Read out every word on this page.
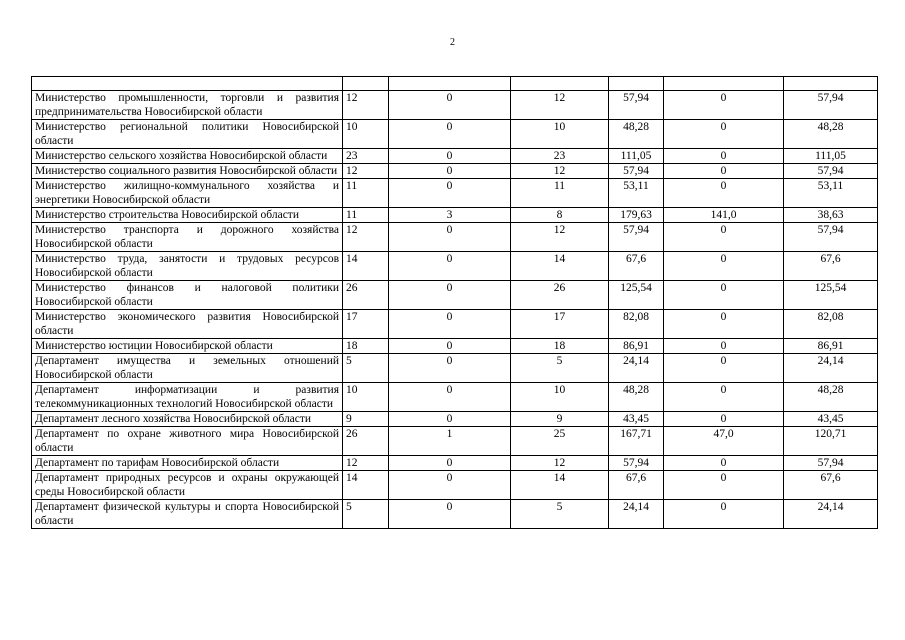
2

Министерство промышленности, торговли и развития предпринимательства Новосибирской области	12	0	12	57,94	0	57,94
Министерство региональной политики Новосибирской области	10	0	10	48,28	0	48,28
Министерство сельского хозяйства Новосибирской области	23	0	23	111,05	0	111,05
Министерство социального развития Новосибирской области	12	0	12	57,94	0	57,94
Министерство жилищно-коммунального хозяйства и энергетики Новосибирской области	11	0	11	53,11	0	53,11
Министерство строительства Новосибирской области	11	3	8	179,63	141,0	38,63
Министерство транспорта и дорожного хозяйства Новосибирской области	12	0	12	57,94	0	57,94
Министерство труда, занятости и трудовых ресурсов Новосибирской области	14	0	14	67,6	0	67,6
Министерство финансов и налоговой политики Новосибирской области	26	0	26	125,54	0	125,54
Министерство экономического развития Новосибирской области	17	0	17	82,08	0	82,08
Министерство юстиции Новосибирской области	18	0	18	86,91	0	86,91
Департамент имущества и земельных отношений Новосибирской области	5	0	5	24,14	0	24,14
Департамент информатизации и развития телекоммуникационных технологий Новосибирской области	10	0	10	48,28	0	48,28
Департамент лесного хозяйства Новосибирской области	9	0	9	43,45	0	43,45
Департамент по охране животного мира Новосибирской области	26	1	25	167,71	47,0	120,71
Департамент по тарифам Новосибирской области	12	0	12	57,94	0	57,94
Департамент природных ресурсов и охраны окружающей среды Новосибирской области	14	0	14	67,6	0	67,6
Департамент физической культуры и спорта Новосибирской области	5	0	5	24,14	0	24,14
